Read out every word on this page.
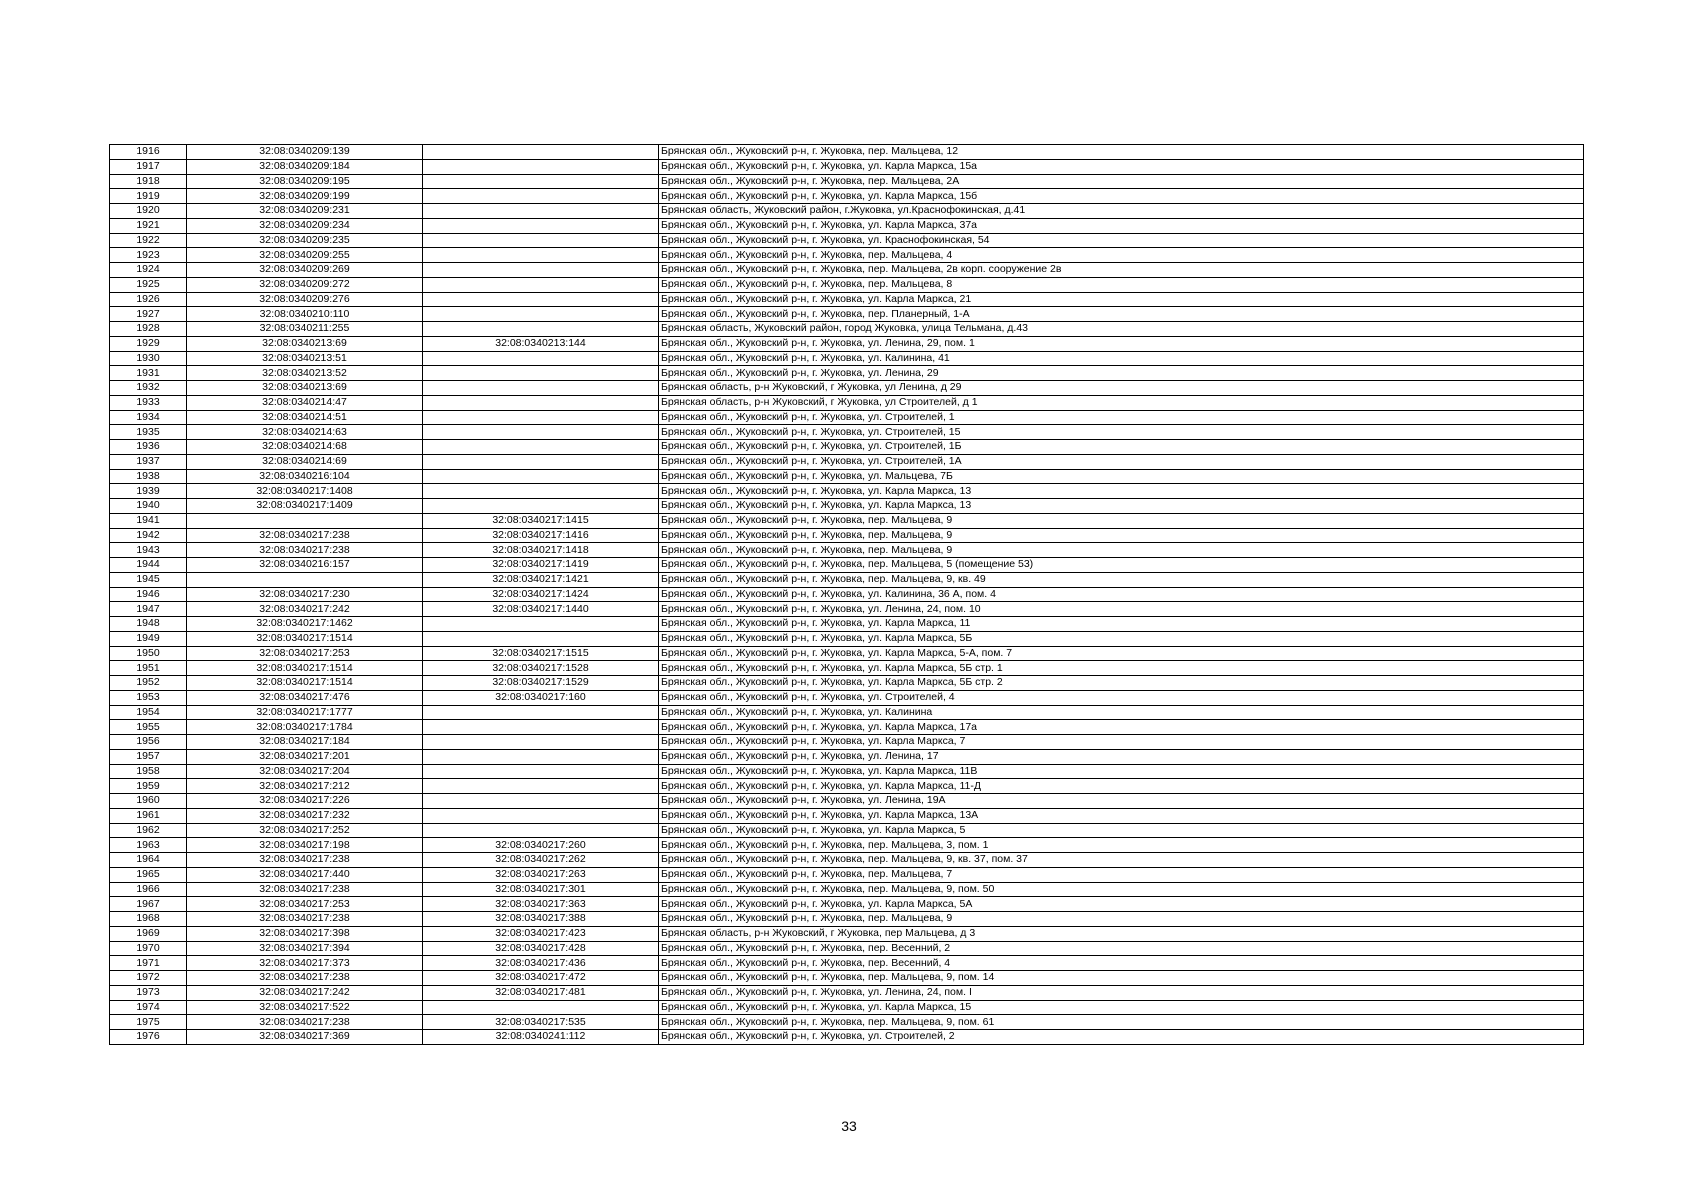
1916	32:08:0340209:139		Брянская обл., Жуковский р-н, г. Жуковка, пер. Мальцева, 12
1917	32:08:0340209:184		Брянская обл., Жуковский р-н, г. Жуковка, ул. Карла Маркса, 15а
1918	32:08:0340209:195		Брянская обл., Жуковский р-н, г. Жуковка, пер. Мальцева, 2А
1919	32:08:0340209:199		Брянская обл., Жуковский р-н, г. Жуковка, ул. Карла Маркса, 15б
1920	32:08:0340209:231		Брянская область, Жуковский район, г.Жуковка, ул.Краснофокинская, д.41
1921	32:08:0340209:234		Брянская обл., Жуковский р-н, г. Жуковка, ул. Карла Маркса, 37а
1922	32:08:0340209:235		Брянская обл., Жуковский р-н, г. Жуковка, ул. Краснофокинская, 54
1923	32:08:0340209:255		Брянская обл., Жуковский р-н, г. Жуковка, пер. Мальцева, 4
1924	32:08:0340209:269		Брянская обл., Жуковский р-н, г. Жуковка, пер. Мальцева, 2в корп. сооружение 2в
1925	32:08:0340209:272		Брянская обл., Жуковский р-н, г. Жуковка, пер. Мальцева, 8
1926	32:08:0340209:276		Брянская обл., Жуковский р-н, г. Жуковка, ул. Карла Маркса, 21
1927	32:08:0340210:110		Брянская обл., Жуковский р-н, г. Жуковка, пер. Планерный, 1-А
1928	32:08:0340211:255		Брянская область, Жуковский район, город Жуковка, улица Тельмана, д.43
1929	32:08:0340213:69	32:08:0340213:144	Брянская обл., Жуковский р-н, г. Жуковка, ул. Ленина, 29, пом. 1
1930	32:08:0340213:51		Брянская обл., Жуковский р-н, г. Жуковка, ул. Калинина, 41
1931	32:08:0340213:52		Брянская обл., Жуковский р-н, г. Жуковка, ул. Ленина, 29
1932	32:08:0340213:69		Брянская область, р-н Жуковский, г Жуковка, ул Ленина, д 29
1933	32:08:0340214:47		Брянская область, р-н Жуковский, г Жуковка, ул Строителей, д 1
1934	32:08:0340214:51		Брянская обл., Жуковский р-н, г. Жуковка, ул. Строителей, 1
1935	32:08:0340214:63		Брянская обл., Жуковский р-н, г. Жуковка, ул. Строителей, 15
1936	32:08:0340214:68		Брянская обл., Жуковский р-н, г. Жуковка, ул. Строителей, 1Б
1937	32:08:0340214:69		Брянская обл., Жуковский р-н, г. Жуковка, ул. Строителей, 1А
1938	32:08:0340216:104		Брянская обл., Жуковский р-н, г. Жуковка, ул. Мальцева, 7Б
1939	32:08:0340217:1408		Брянская обл., Жуковский р-н, г. Жуковка, ул. Карла Маркса, 13
1940	32:08:0340217:1409		Брянская обл., Жуковский р-н, г. Жуковка, ул. Карла Маркса, 13
1941		32:08:0340217:1415	Брянская обл., Жуковский р-н, г. Жуковка, пер. Мальцева, 9
1942	32:08:0340217:238	32:08:0340217:1416	Брянская обл., Жуковский р-н, г. Жуковка, пер. Мальцева, 9
1943	32:08:0340217:238	32:08:0340217:1418	Брянская обл., Жуковский р-н, г. Жуковка, пер. Мальцева, 9
1944	32:08:0340216:157	32:08:0340217:1419	Брянская обл., Жуковский р-н, г. Жуковка, пер. Мальцева, 5 (помещение 53)
1945		32:08:0340217:1421	Брянская обл., Жуковский р-н, г. Жуковка, пер. Мальцева, 9, кв. 49
1946	32:08:0340217:230	32:08:0340217:1424	Брянская обл., Жуковский р-н, г. Жуковка, ул. Калинина, 36 А, пом. 4
1947	32:08:0340217:242	32:08:0340217:1440	Брянская обл., Жуковский р-н, г. Жуковка, ул. Ленина, 24, пом. 10
1948	32:08:0340217:1462		Брянская обл., Жуковский р-н, г. Жуковка, ул. Карла Маркса, 11
1949	32:08:0340217:1514		Брянская обл., Жуковский р-н, г. Жуковка, ул. Карла Маркса, 5Б
1950	32:08:0340217:253	32:08:0340217:1515	Брянская обл., Жуковский р-н, г. Жуковка, ул. Карла Маркса, 5-А, пом. 7
1951	32:08:0340217:1514	32:08:0340217:1528	Брянская обл., Жуковский р-н, г. Жуковка, ул. Карла Маркса, 5Б стр. 1
1952	32:08:0340217:1514	32:08:0340217:1529	Брянская обл., Жуковский р-н, г. Жуковка, ул. Карла Маркса, 5Б стр. 2
1953	32:08:0340217:476	32:08:0340217:160	Брянская обл., Жуковский р-н, г. Жуковка, ул. Строителей, 4
1954	32:08:0340217:1777		Брянская обл., Жуковский р-н, г. Жуковка, ул. Калинина
1955	32:08:0340217:1784		Брянская обл., Жуковский р-н, г. Жуковка, ул. Карла Маркса, 17а
1956	32:08:0340217:184		Брянская обл., Жуковский р-н, г. Жуковка, ул. Карла Маркса, 7
1957	32:08:0340217:201		Брянская обл., Жуковский р-н, г. Жуковка, ул. Ленина, 17
1958	32:08:0340217:204		Брянская обл., Жуковский р-н, г. Жуковка, ул. Карла Маркса, 11В
1959	32:08:0340217:212		Брянская обл., Жуковский р-н, г. Жуковка, ул. Карла Маркса, 11-Д
1960	32:08:0340217:226		Брянская обл., Жуковский р-н, г. Жуковка, ул. Ленина, 19А
1961	32:08:0340217:232		Брянская обл., Жуковский р-н, г. Жуковка, ул. Карла Маркса, 13А
1962	32:08:0340217:252		Брянская обл., Жуковский р-н, г. Жуковка, ул. Карла Маркса, 5
1963	32:08:0340217:198	32:08:0340217:260	Брянская обл., Жуковский р-н, г. Жуковка, пер. Мальцева, 3, пом. 1
1964	32:08:0340217:238	32:08:0340217:262	Брянская обл., Жуковский р-н, г. Жуковка, пер. Мальцева, 9, кв. 37, пом. 37
1965	32:08:0340217:440	32:08:0340217:263	Брянская обл., Жуковский р-н, г. Жуковка, пер. Мальцева, 7
1966	32:08:0340217:238	32:08:0340217:301	Брянская обл., Жуковский р-н, г. Жуковка, пер. Мальцева, 9, пом. 50
1967	32:08:0340217:253	32:08:0340217:363	Брянская обл., Жуковский р-н, г. Жуковка, ул. Карла Маркса, 5А
1968	32:08:0340217:238	32:08:0340217:388	Брянская обл., Жуковский р-н, г. Жуковка, пер. Мальцева, 9
1969	32:08:0340217:398	32:08:0340217:423	Брянская область, р-н Жуковский, г Жуковка, пер Мальцева, д 3
1970	32:08:0340217:394	32:08:0340217:428	Брянская обл., Жуковский р-н, г. Жуковка, пер. Весенний, 2
1971	32:08:0340217:373	32:08:0340217:436	Брянская обл., Жуковский р-н, г. Жуковка, пер. Весенний, 4
1972	32:08:0340217:238	32:08:0340217:472	Брянская обл., Жуковский р-н, г. Жуковка, пер. Мальцева, 9, пом. 14
1973	32:08:0340217:242	32:08:0340217:481	Брянская обл., Жуковский р-н, г. Жуковка, ул. Ленина, 24, пом. I
1974	32:08:0340217:522		Брянская обл., Жуковский р-н, г. Жуковка, ул. Карла Маркса, 15
1975	32:08:0340217:238	32:08:0340217:535	Брянская обл., Жуковский р-н, г. Жуковка, пер. Мальцева, 9, пом. 61
1976	32:08:0340217:369	32:08:0340241:112	Брянская обл., Жуковский р-н, г. Жуковка, ул. Строителей, 2
33
